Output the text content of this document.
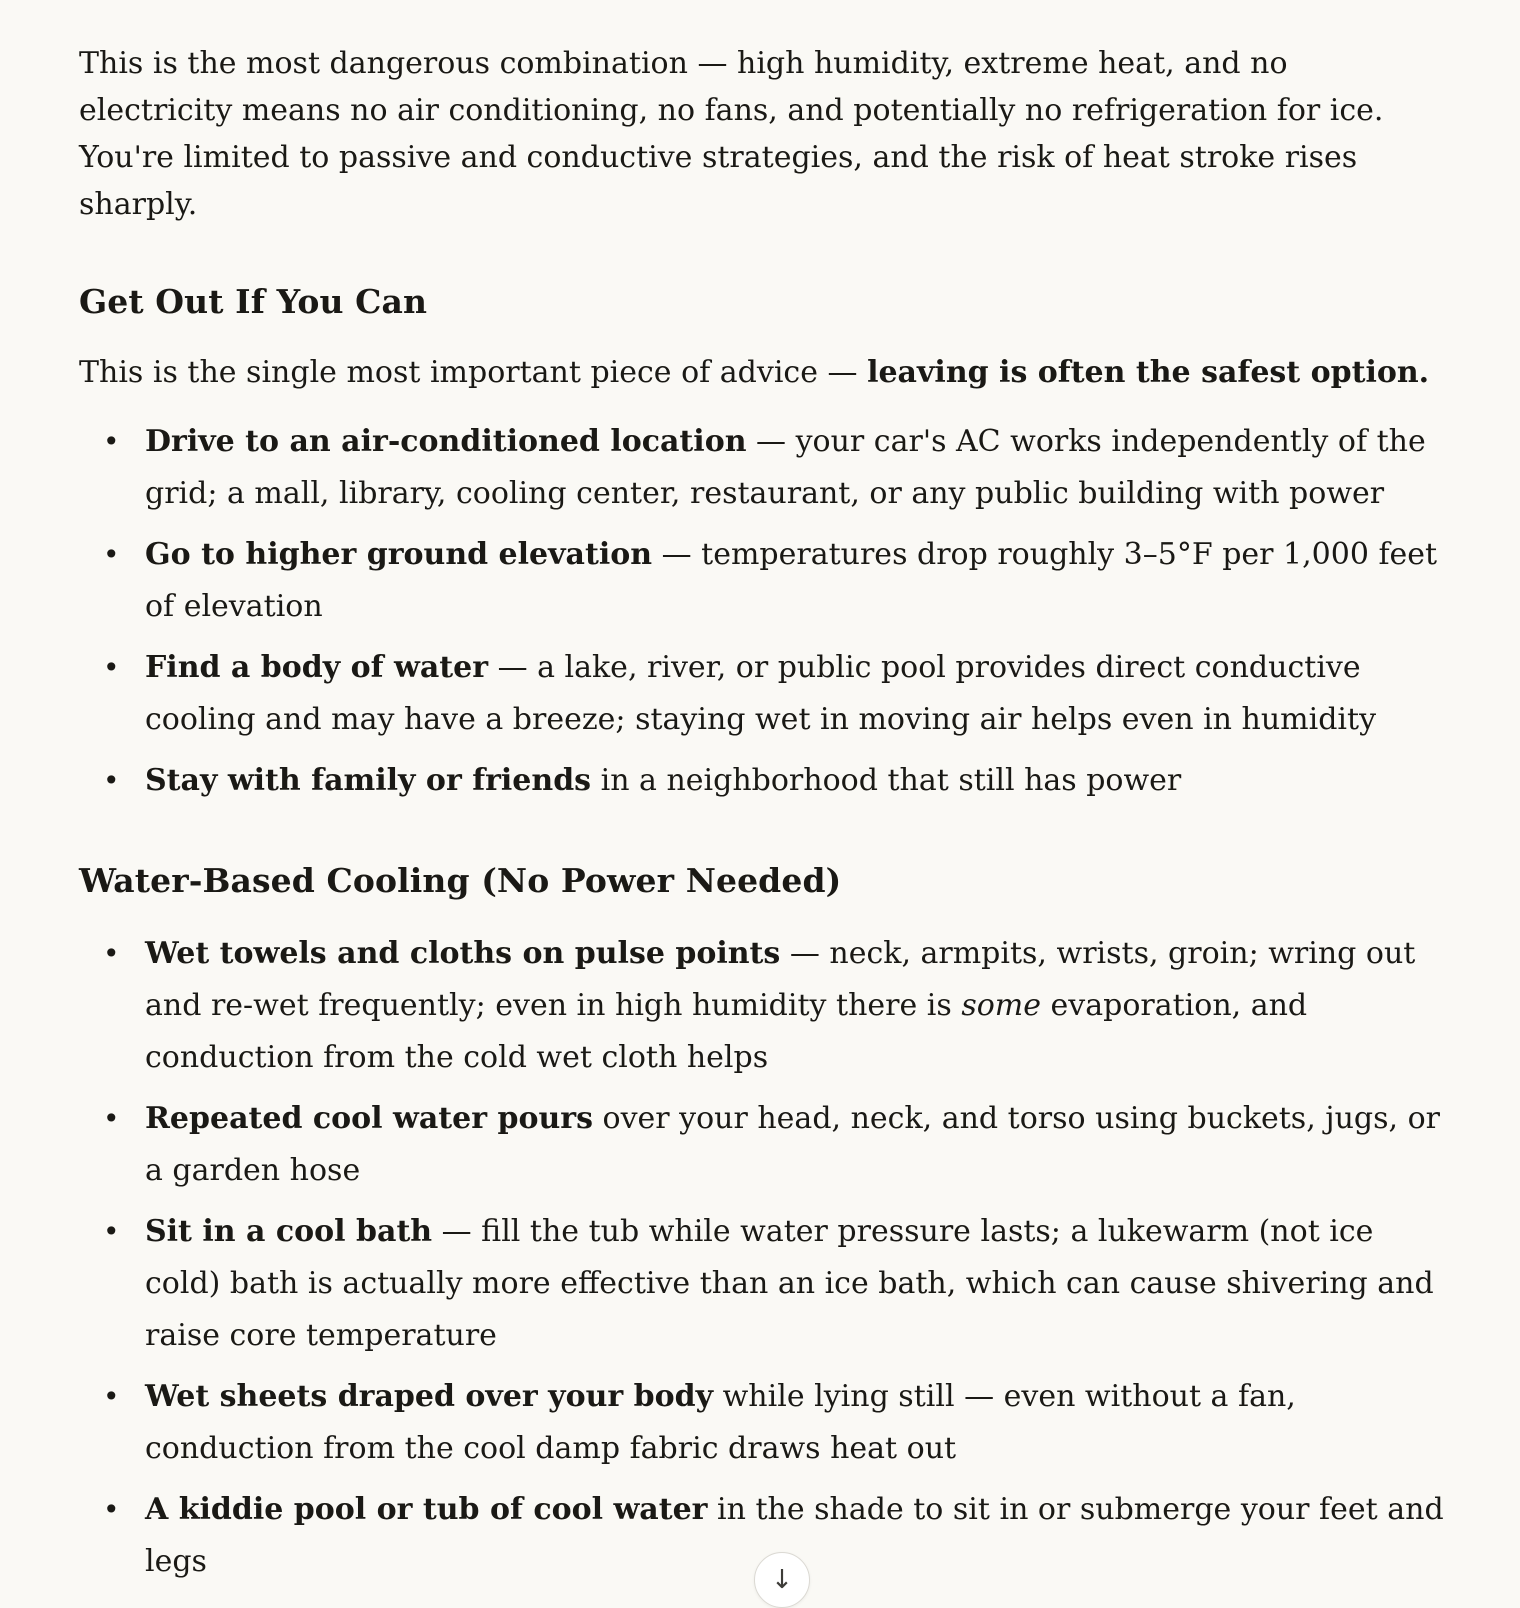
This is the most dangerous combination — high humidity, extreme heat, and no electricity means no air conditioning, no fans, and potentially no refrigeration for ice. You're limited to passive and conductive strategies, and the risk of heat stroke rises sharply.

Get Out If You Can

This is the single most important piece of advice — leaving is often the safest option.

• Drive to an air-conditioned location — your car's AC works independently of the grid; a mall, library, cooling center, restaurant, or any public building with power
• Go to higher ground elevation — temperatures drop roughly 3–5°F per 1,000 feet of elevation
• Find a body of water — a lake, river, or public pool provides direct conductive cooling and may have a breeze; staying wet in moving air helps even in humidity
• Stay with family or friends in a neighborhood that still has power
Water-Based Cooling (No Power Needed)
• Wet towels and cloths on pulse points — neck, armpits, wrists, groin; wring out and re-wet frequently; even in high humidity there is some evaporation, and conduction from the cold wet cloth helps
• Repeated cool water pours over your head, neck, and torso using buckets, jugs, or a garden hose
• Sit in a cool bath — fill the tub while water pressure lasts; a lukewarm (not ice cold) bath is actually more effective than an ice bath, which can cause shivering and raise core temperature
• Wet sheets draped over your body while lying still — even without a fan, conduction from the cool damp fabric draws heat out
• A kiddie pool or tub of cool water in the shade to sit in or submerge your feet and legs
↓
